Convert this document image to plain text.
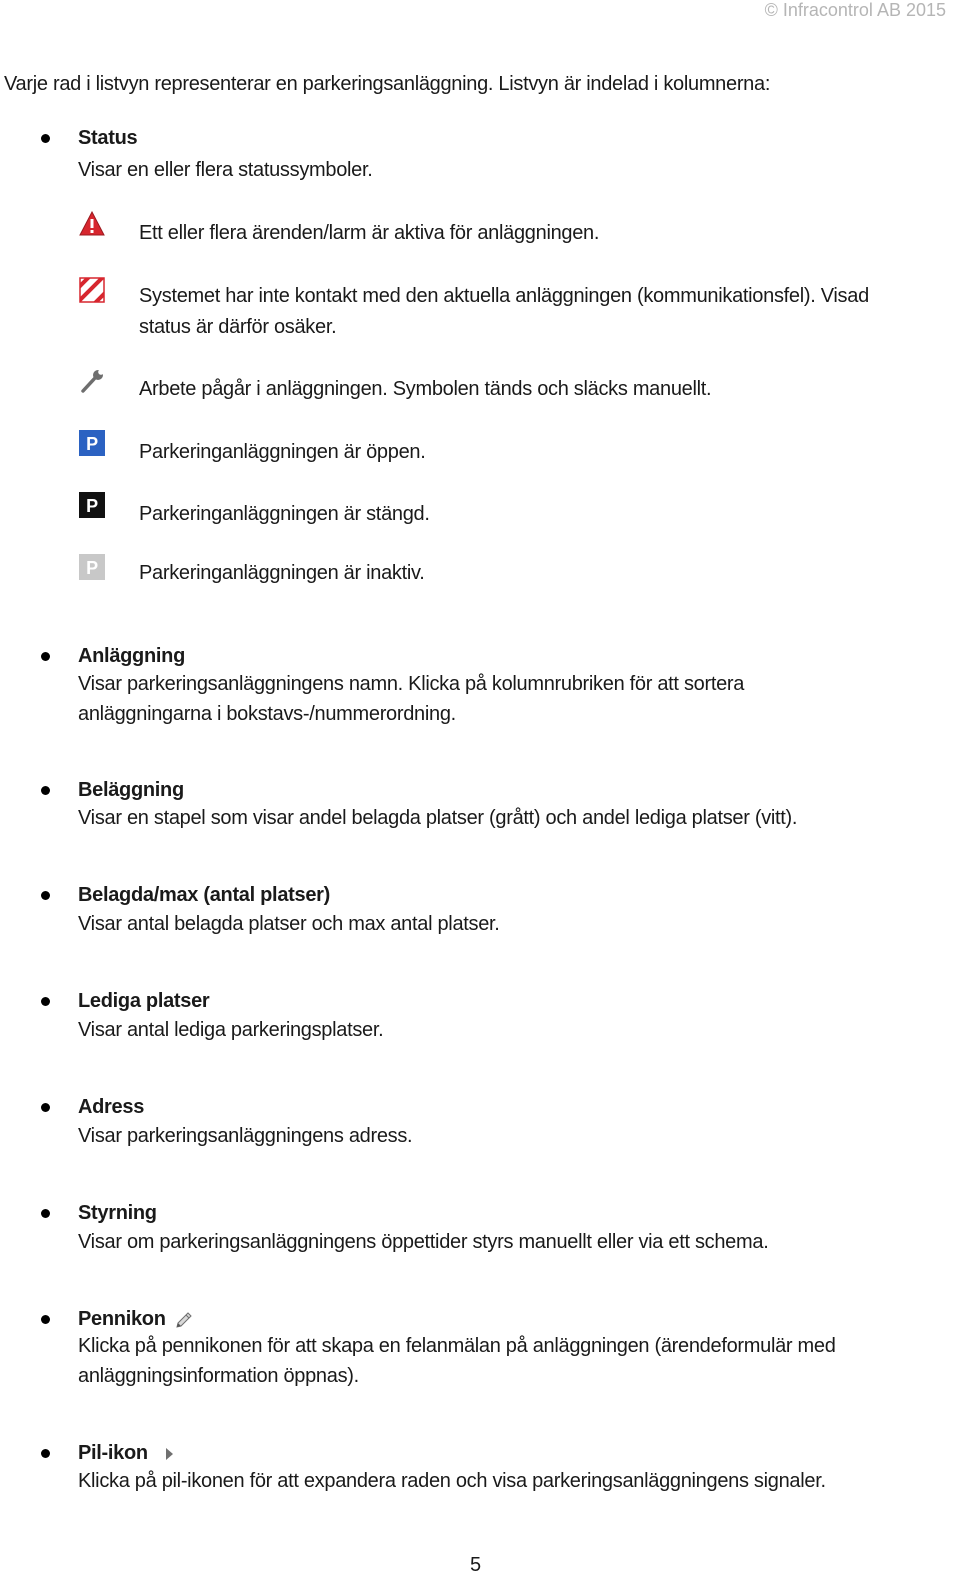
© Infracontrol AB 2015
Varje rad i listvyn representerar en parkeringsanläggning. Listvyn är indelad i kolumnerna:
Status
Visar en eller flera statussymboler.
Ett eller flera ärenden/larm är aktiva för anläggningen.
Systemet har inte kontakt med den aktuella anläggningen (kommunikationsfel). Visad
status är därför osäker.
Arbete pågår i anläggningen. Symbolen tänds och släcks manuellt.
P Parkeringanläggningen är öppen.
P Parkeringanläggningen är stängd.
P Parkeringanläggningen är inaktiv.
Anläggning
Visar parkeringsanläggningens namn. Klicka på kolumnrubriken för att sortera
anläggningarna i bokstavs-/nummerordning.
Beläggning
Visar en stapel som visar andel belagda platser (grått) och andel lediga platser (vitt).
Belagda/max (antal platser)
Visar antal belagda platser och max antal platser.
Lediga platser
Visar antal lediga parkeringsplatser.
Adress
Visar parkeringsanläggningens adress.
Styrning
Visar om parkeringsanläggningens öppettider styrs manuellt eller via ett schema.
Pennikon
Klicka på pennikonen för att skapa en felanmälan på anläggningen (ärendeformulär med
anläggningsinformation öppnas).
Pil-ikon
Klicka på pil-ikonen för att expandera raden och visa parkeringsanläggningens signaler.
5
